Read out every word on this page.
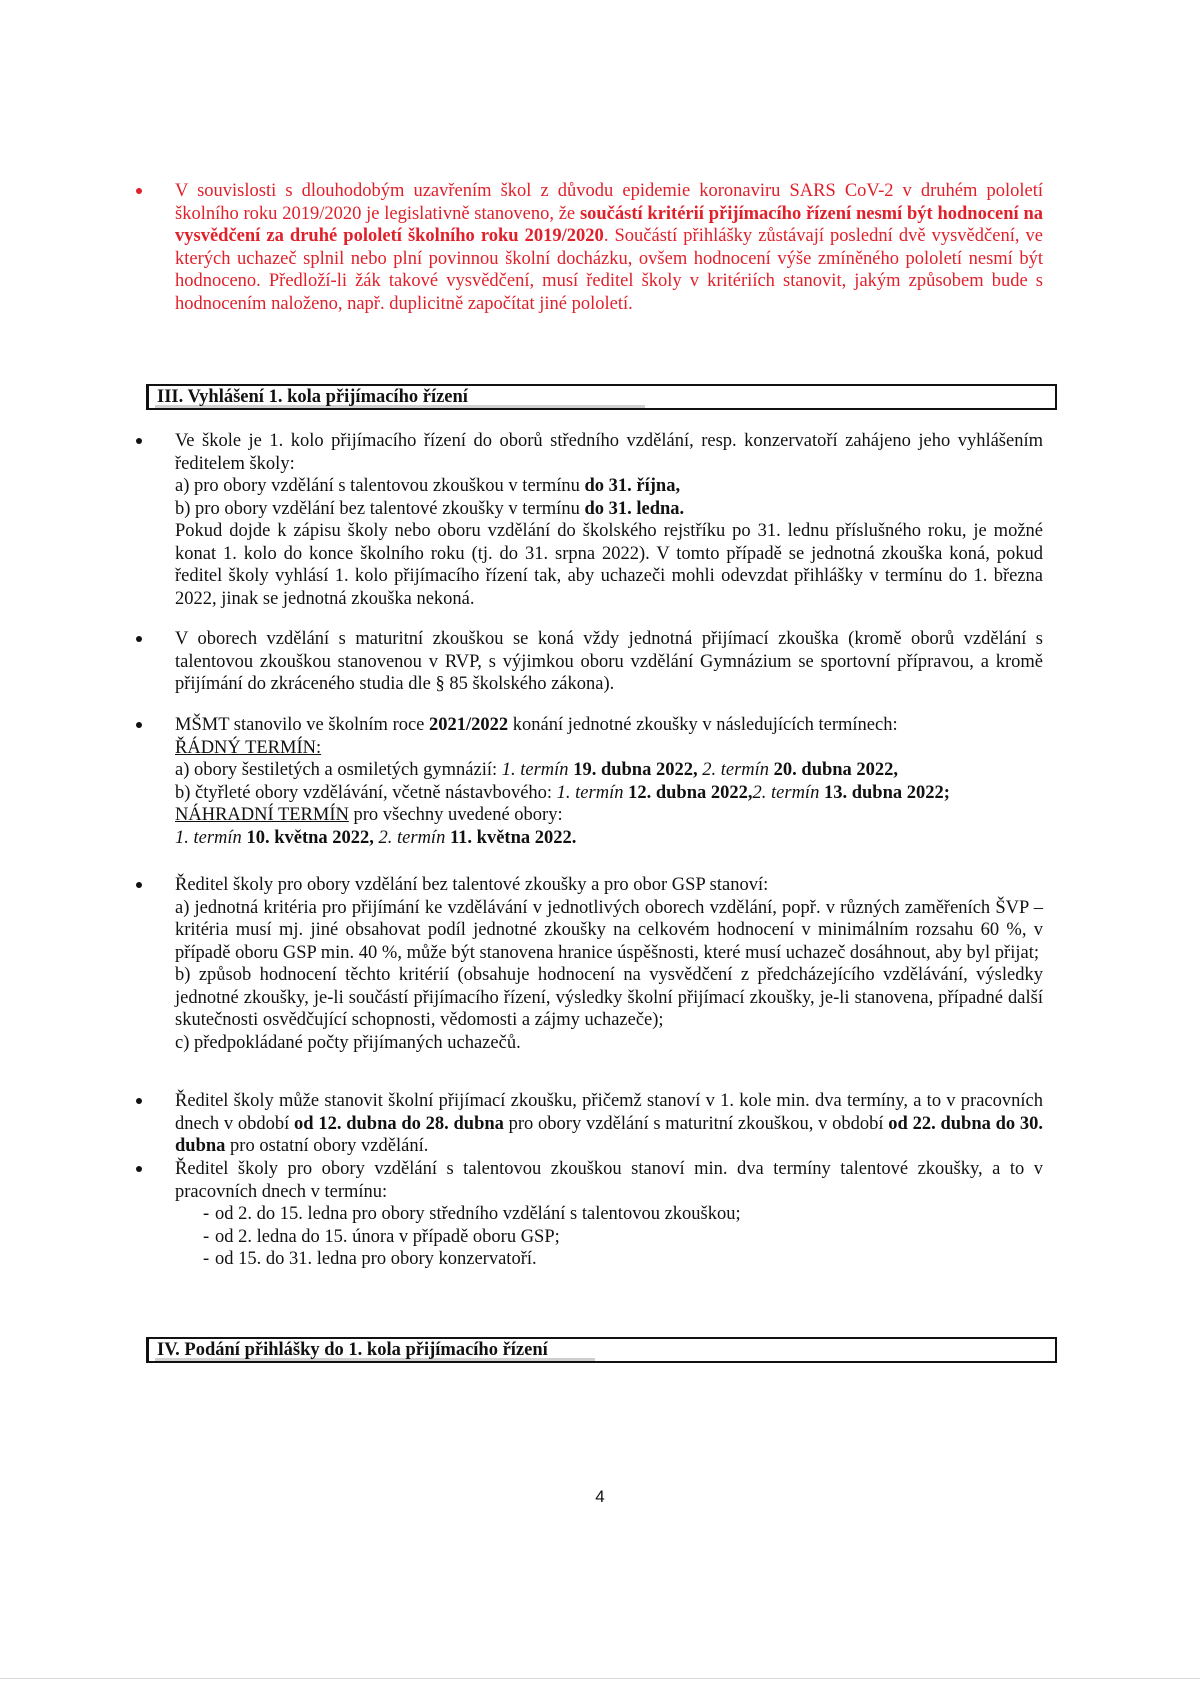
V souvislosti s dlouhodobým uzavřením škol z důvodu epidemie koronaviru SARS CoV-2 v druhém pololetí školního roku 2019/2020 je legislativně stanoveno, že součástí kritérií přijímacího řízení nesmí být hodnocení na vysvědčení za druhé pololetí školního roku 2019/2020. Součástí přihlášky zůstávají poslední dvě vysvědčení, ve kterých uchazeč splnil nebo plní povinnou školní docházku, ovšem hodnocení výše zmíněného pololetí nesmí být hodnoceno. Předloží-li žák takové vysvědčení, musí ředitel školy v kritériích stanovit, jakým způsobem bude s hodnocením naloženo, např. duplicitně započítat jiné pololetí.

III. Vyhlášení 1. kola přijímacího řízení

Ve škole je 1. kolo přijímacího řízení do oborů středního vzdělání, resp. konzervatoří zahájeno jeho vyhlášením ředitelem školy:

a) pro obory vzdělání s talentovou zkouškou v termínu do 31. října,

b) pro obory vzdělání bez talentové zkoušky v termínu do 31. ledna.

Pokud dojde k zápisu školy nebo oboru vzdělání do školského rejstříku po 31. lednu příslušného roku, je možné konat 1. kolo do konce školního roku (tj. do 31. srpna 2022). V tomto případě se jednotná zkouška koná, pokud ředitel školy vyhlásí 1. kolo přijímacího řízení tak, aby uchazeči mohli odevzdat přihlášky v termínu do 1. března 2022, jinak se jednotná zkouška nekoná.

V oborech vzdělání s maturitní zkouškou se koná vždy jednotná přijímací zkouška (kromě oborů vzdělání s talentovou zkouškou stanovenou v RVP, s výjimkou oboru vzdělání Gymnázium se sportovní přípravou, a kromě přijímání do zkráceného studia dle § 85 školského zákona).

MŠMT stanovilo ve školním roce 2021/2022 konání jednotné zkoušky v následujících termínech:

ŘÁDNÝ TERMÍN:

a) obory šestiletých a osmiletých gymnázií: 1. termín 19. dubna 2022, 2. termín 20. dubna 2022,

b) čtyřleté obory vzdělávání, včetně nástavbového: 1. termín 12. dubna 2022,2. termín 13. dubna 2022;

NÁHRADNÍ TERMÍN pro všechny uvedené obory:

1. termín 10. května 2022, 2. termín 11. května 2022.

Ředitel školy pro obory vzdělání bez talentové zkoušky a pro obor GSP stanoví:

a) jednotná kritéria pro přijímání ke vzdělávání v jednotlivých oborech vzdělání, popř. v různých zaměřeních ŠVP – kritéria musí mj. jiné obsahovat podíl jednotné zkoušky na celkovém hodnocení v minimálním rozsahu 60 %, v případě oboru GSP min. 40 %, může být stanovena hranice úspěšnosti, které musí uchazeč dosáhnout, aby byl přijat;

b) způsob hodnocení těchto kritérií (obsahuje hodnocení na vysvědčení z předcházejícího vzdělávání, výsledky jednotné zkoušky, je-li součástí přijímacího řízení, výsledky školní přijímací zkoušky, je-li stanovena, případné další skutečnosti osvědčující schopnosti, vědomosti a zájmy uchazeče);

c) předpokládané počty přijímaných uchazečů.

Ředitel školy může stanovit školní přijímací zkoušku, přičemž stanoví v 1. kole min. dva termíny, a to v pracovních dnech v období od 12. dubna do 28. dubna pro obory vzdělání s maturitní zkouškou, v období od 22. dubna do 30. dubna pro ostatní obory vzdělání.

Ředitel školy pro obory vzdělání s talentovou zkouškou stanoví min. dva termíny talentové zkoušky, a to v pracovních dnech v termínu:

- od 2. do 15. ledna pro obory středního vzdělání s talentovou zkouškou;

- od 2. ledna do 15. února v případě oboru GSP;

- od 15. do 31. ledna pro obory konzervatoří.

IV. Podání přihlášky do 1. kola přijímacího řízení
4
